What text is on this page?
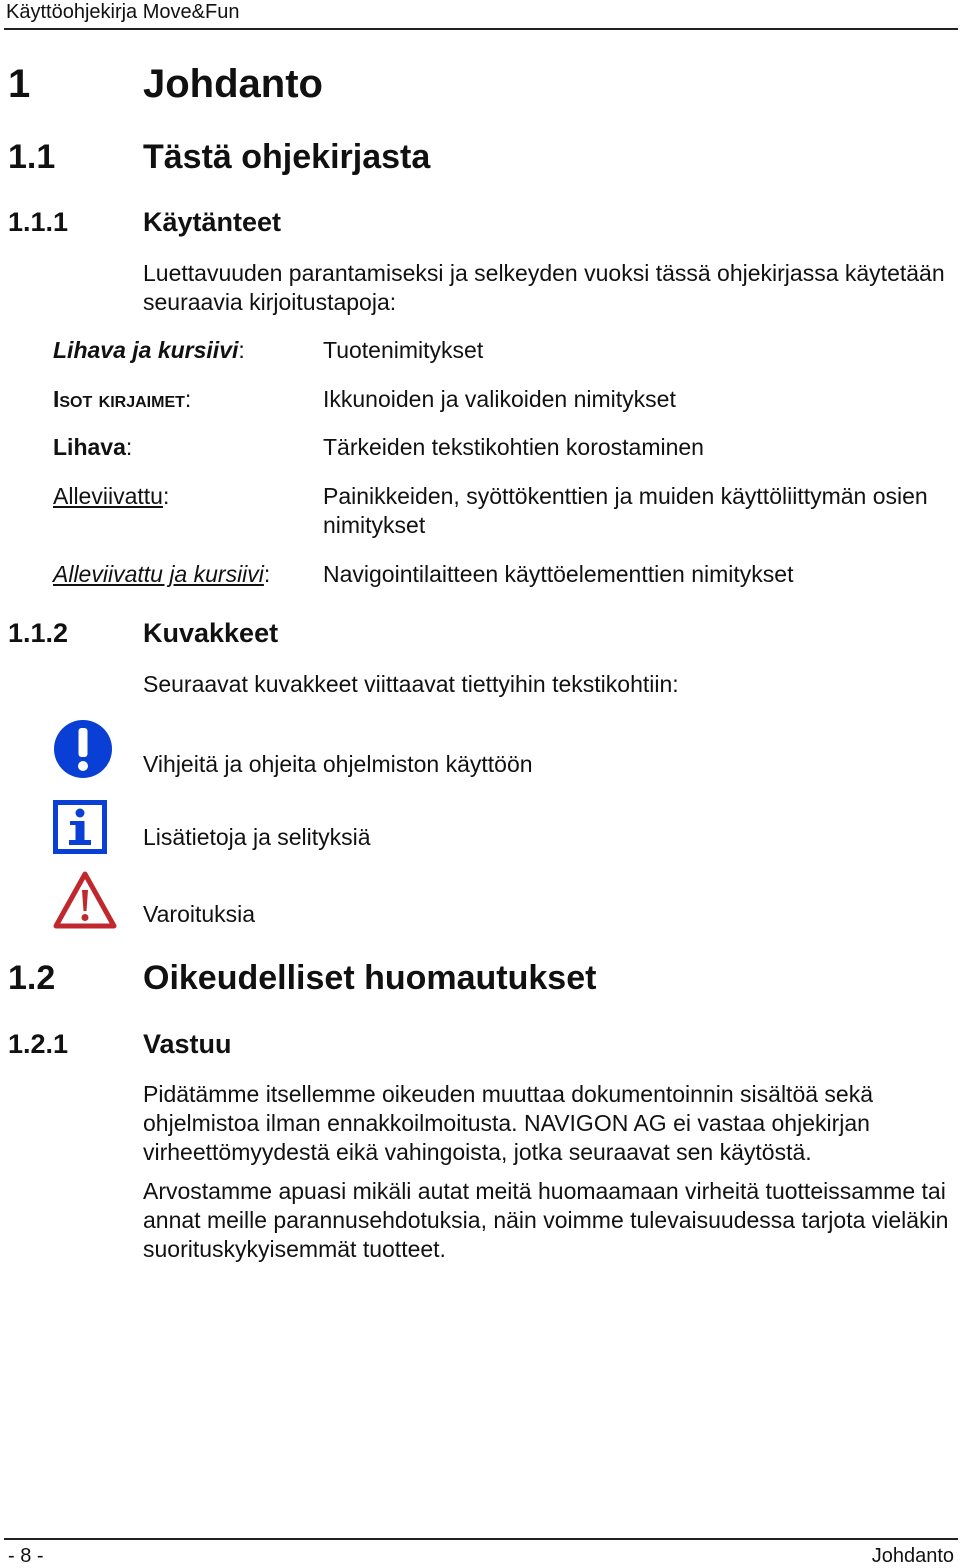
Käyttöohjekirja Move&Fun
1	Johdanto
1.1	Tästä ohjekirjasta
1.1.1	Käytänteet

Luettavuuden parantamiseksi ja selkeyden vuoksi tässä ohjekirjassa käytetään seuraavia kirjoitustapoja:

Lihava ja kursiivi:	Tuotenimitykset
Isot kirjaimet:	Ikkunoiden ja valikoiden nimitykset
Lihava:	Tärkeiden tekstikohtien korostaminen
Alleviivattu:	Painikkeiden, syöttökenttien ja muiden käyttöliittymän osien nimitykset
Alleviivattu ja kursiivi: Navigointilaitteen käyttöelementtien nimitykset
1.1.2	Kuvakkeet

Seuraavat kuvakkeet viittaavat tiettyihin tekstikohtiin:

Vihjeitä ja ohjeita ohjelmiston käyttöön
Lisätietoja ja selityksiä
Varoituksia
1.2	Oikeudelliset huomautukset
1.2.1	Vastuu

Pidätämme itsellemme oikeuden muuttaa dokumentoinnin sisältöä sekä ohjelmistoa ilman ennakkoilmoitusta. NAVIGON AG ei vastaa ohjekirjan virheettömyydestä eikä vahingoista, jotka seuraavat sen käytöstä.

Arvostamme apuasi mikäli autat meitä huomaamaan virheitä tuotteissamme tai annat meille parannusehdotuksia, näin voimme tulevaisuudessa tarjota vieläkin suorituskykyisemmät tuotteet.

- 8 -	Johdanto
